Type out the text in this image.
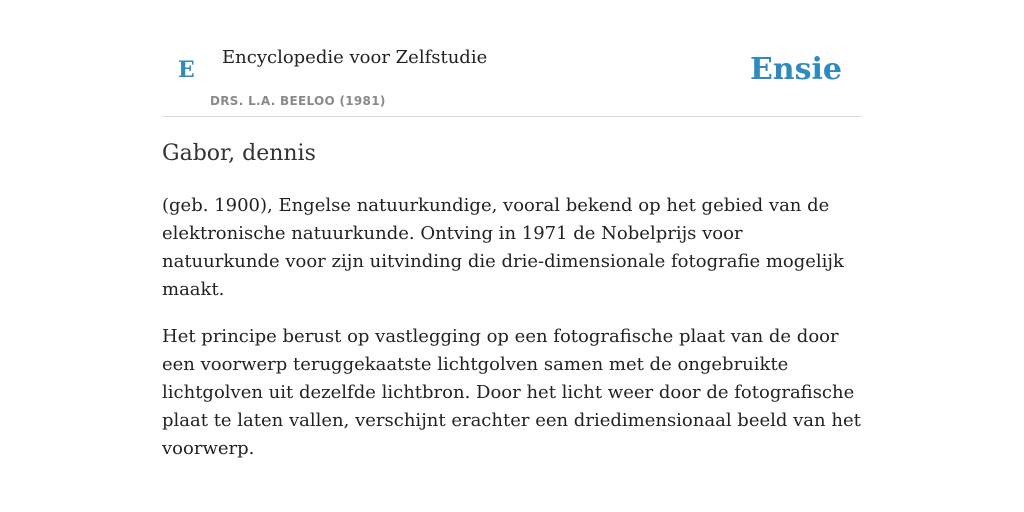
E Encyclopedie voor Zelfstudie
DRS. L.A. BEELOO (1981)
Ensie
Gabor, dennis

(geb. 1900), Engelse natuurkundige, vooral bekend op het gebied van de elektronische natuurkunde. Ontving in 1971 de Nobelprijs voor natuurkunde voor zijn uitvinding die drie-dimensionale fotografie mogelijk maakt.

Het principe berust op vastlegging op een fotografische plaat van de door een voorwerp teruggekaatste lichtgolven samen met de ongebruikte lichtgolven uit dezelfde lichtbron. Door het licht weer door de fotografische plaat te laten vallen, verschijnt erachter een driedimensionaal beeld van het voorwerp.
